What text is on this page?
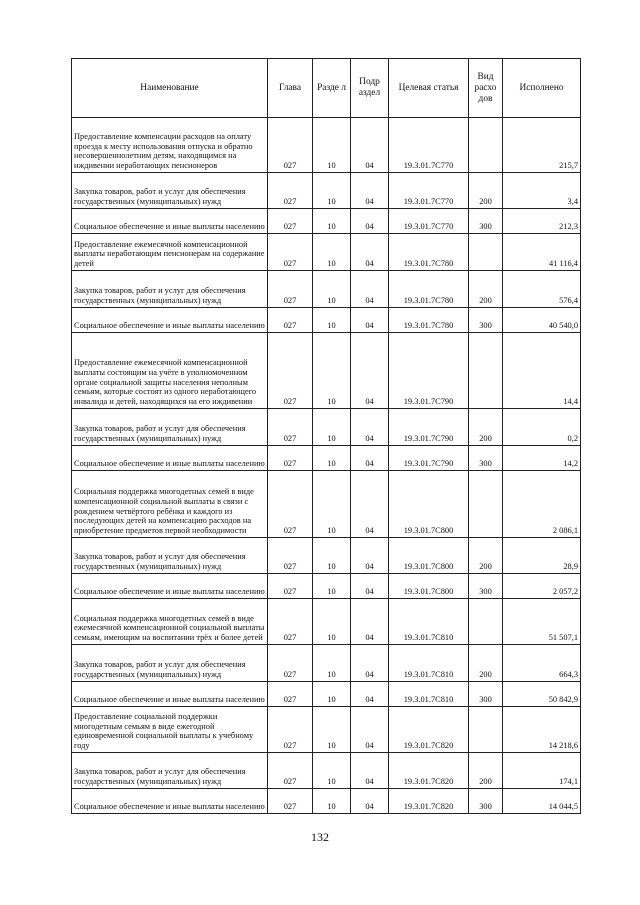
Наименование	Глава	Разде л	Подр аздел	Целевая статья	Вид расхо дов	Исполнено
Предоставление компенсации расходов на оплату проезда к месту использования отпуска и обратно несовершеннолетним детям, находящимся на иждивении неработающих пенсионеров	027	10	04	19.3.01.7С770		215,7
Закупка товаров, работ и услуг для обеспечения государственных (муниципальных) нужд	027	10	04	19.3.01.7С770	200	3,4
Социальное обеспечение и иные выплаты населению	027	10	04	19.3.01.7С770	300	212,3
Предоставление ежемесячной компенсационной выплаты неработающим пенсионерам на содержание детей	027	10	04	19.3.01.7С780		41 116,4
Закупка товаров, работ и услуг для обеспечения государственных (муниципальных) нужд	027	10	04	19.3.01.7С780	200	576,4
Социальное обеспечение и иные выплаты населению	027	10	04	19.3.01.7С780	300	40 540,0
Предоставление ежемесячной компенсационной выплаты состоящим на учёте в уполномоченном органе социальной защиты населения неполным семьям, которые состоят из одного неработающего инвалида и детей, находящихся на его иждивении	027	10	04	19.3.01.7С790		14,4
Закупка товаров, работ и услуг для обеспечения государственных (муниципальных) нужд	027	10	04	19.3.01.7С790	200	0,2
Социальное обеспечение и иные выплаты населению	027	10	04	19.3.01.7С790	300	14,2
Социальная поддержка многодетных семей в виде компенсационной социальной выплаты в связи с рождением четвёртого ребёнка и каждого из последующих детей на компенсацию расходов на приобретение предметов первой необходимости	027	10	04	19.3.01.7С800		2 086,1
Закупка товаров, работ и услуг для обеспечения государственных (муниципальных) нужд	027	10	04	19.3.01.7С800	200	28,9
Социальное обеспечение и иные выплаты населению	027	10	04	19.3.01.7С800	300	2 057,2
Социальная поддержка многодетных семей в виде ежемесячной компенсационной социальной выплаты семьям, имеющим на воспитании трёх и более детей	027	10	04	19.3.01.7С810		51 507,1
Закупка товаров, работ и услуг для обеспечения государственных (муниципальных) нужд	027	10	04	19.3.01.7С810	200	664,3
Социальное обеспечение и иные выплаты населению	027	10	04	19.3.01.7С810	300	50 842,9
Предоставление социальной поддержки многодетным семьям в виде ежегодной единовременной социальной выплаты к учебному году	027	10	04	19.3.01.7С820		14 218,6
Закупка товаров, работ и услуг для обеспечения государственных (муниципальных) нужд	027	10	04	19.3.01.7С820	200	174,1
Социальное обеспечение и иные выплаты населению	027	10	04	19.3.01.7С820	300	14 044,5
132
